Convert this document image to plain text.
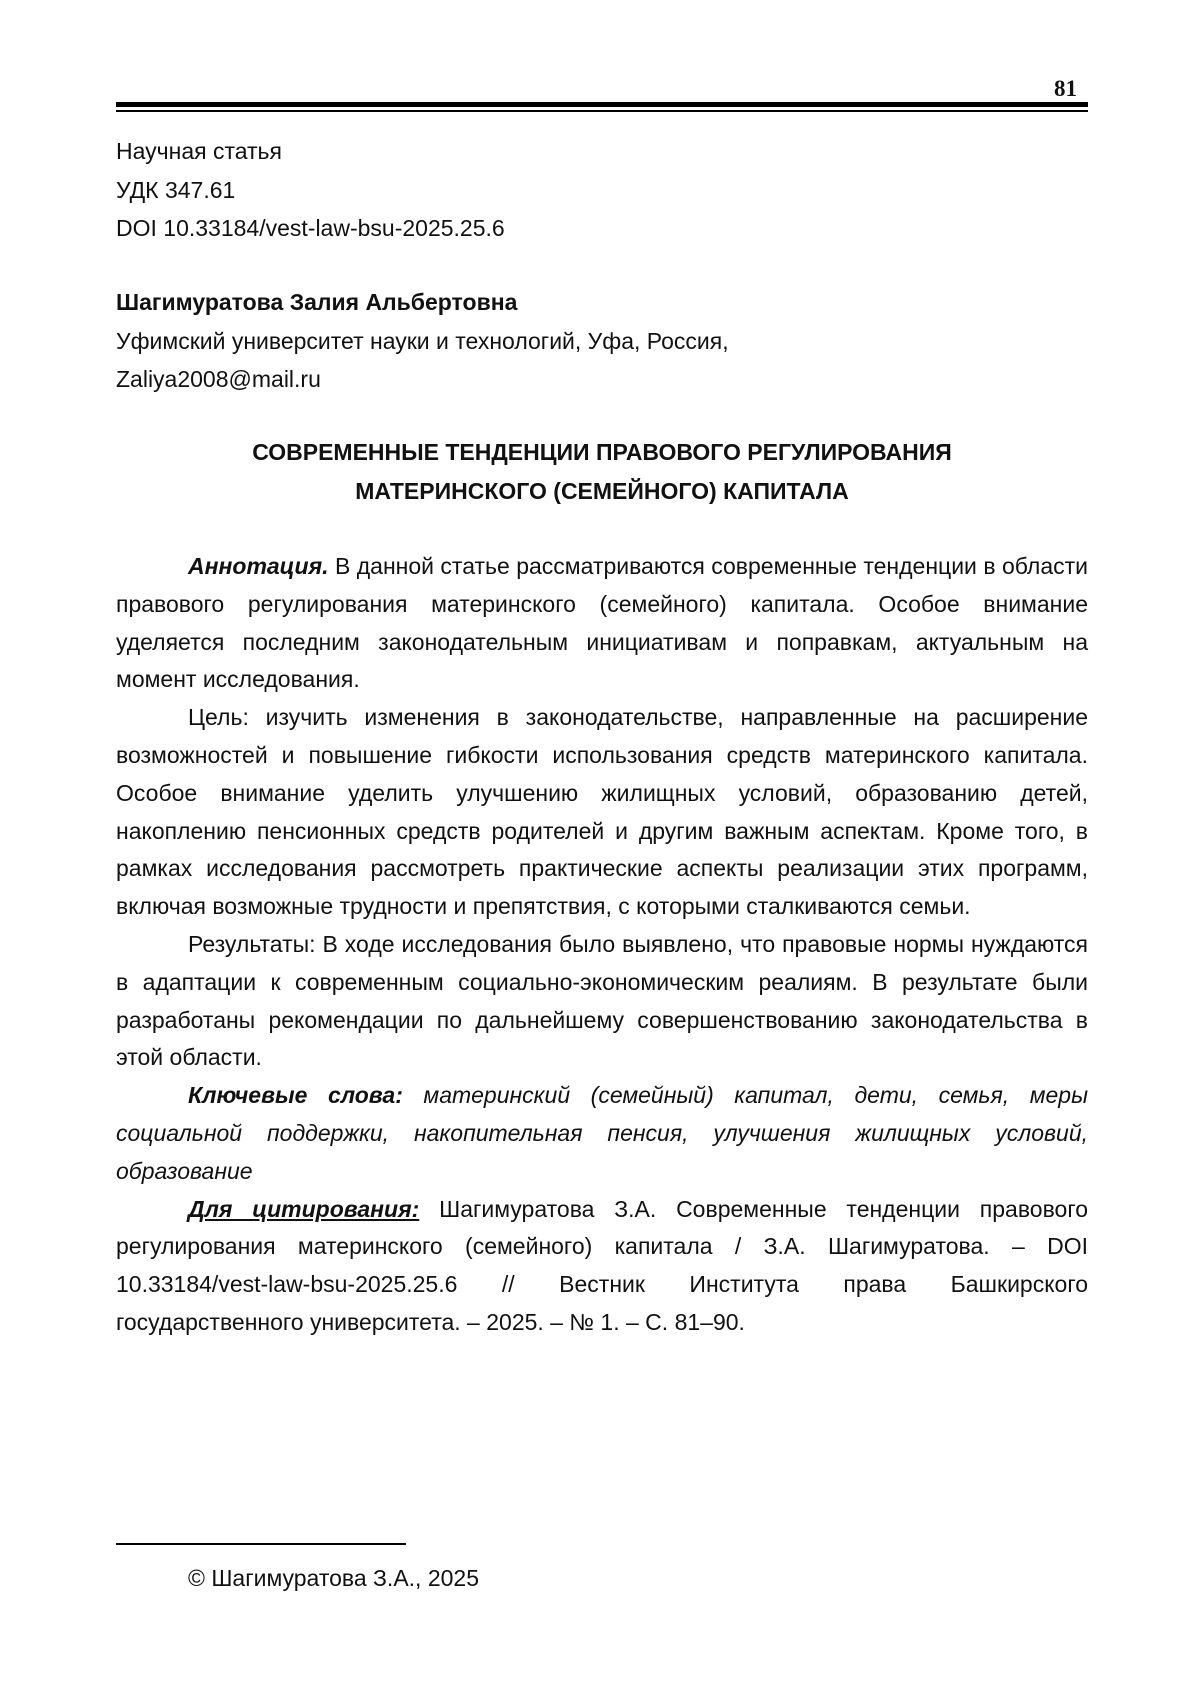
81
Научная статья
УДК 347.61
DOI 10.33184/vest-law-bsu-2025.25.6
Шагимуратова Залия Альбертовна
Уфимский университет науки и технологий, Уфа, Россия,
Zaliya2008@mail.ru
СОВРЕМЕННЫЕ ТЕНДЕНЦИИ ПРАВОВОГО РЕГУЛИРОВАНИЯ
МАТЕРИНСКОГО (СЕМЕЙНОГО) КАПИТАЛА

Аннотация. В данной статье рассматриваются современные тенденции в области правового регулирования материнского (семейного) капитала. Особое внимание уделяется последним законодательным инициативам и поправкам, актуальным на момент исследования.

Цель: изучить изменения в законодательстве, направленные на расширение возможностей и повышение гибкости использования средств материнского капитала. Особое внимание уделить улучшению жилищных условий, образованию детей, накоплению пенсионных средств родителей и другим важным аспектам. Кроме того, в рамках исследования рассмотреть практические аспекты реализации этих программ, включая возможные трудности и препятствия, с которыми сталкиваются семьи.

Результаты: В ходе исследования было выявлено, что правовые нормы нуждаются в адаптации к современным социально-экономическим реалиям. В результате были разработаны рекомендации по дальнейшему совершенствованию законодательства в этой области.

Ключевые слова: материнский (семейный) капитал, дети, семья, меры социальной поддержки, накопительная пенсия, улучшения жилищных условий, образование

Для цитирования: Шагимуратова З.А. Современные тенденции правового регулирования материнского (семейного) капитала / З.А. Шагимуратова. – DOI 10.33184/vest-law-bsu-2025.25.6 // Вестник Института права Башкирского государственного университета. – 2025. – № 1. – С. 81–90.

© Шагимуратова З.А., 2025
